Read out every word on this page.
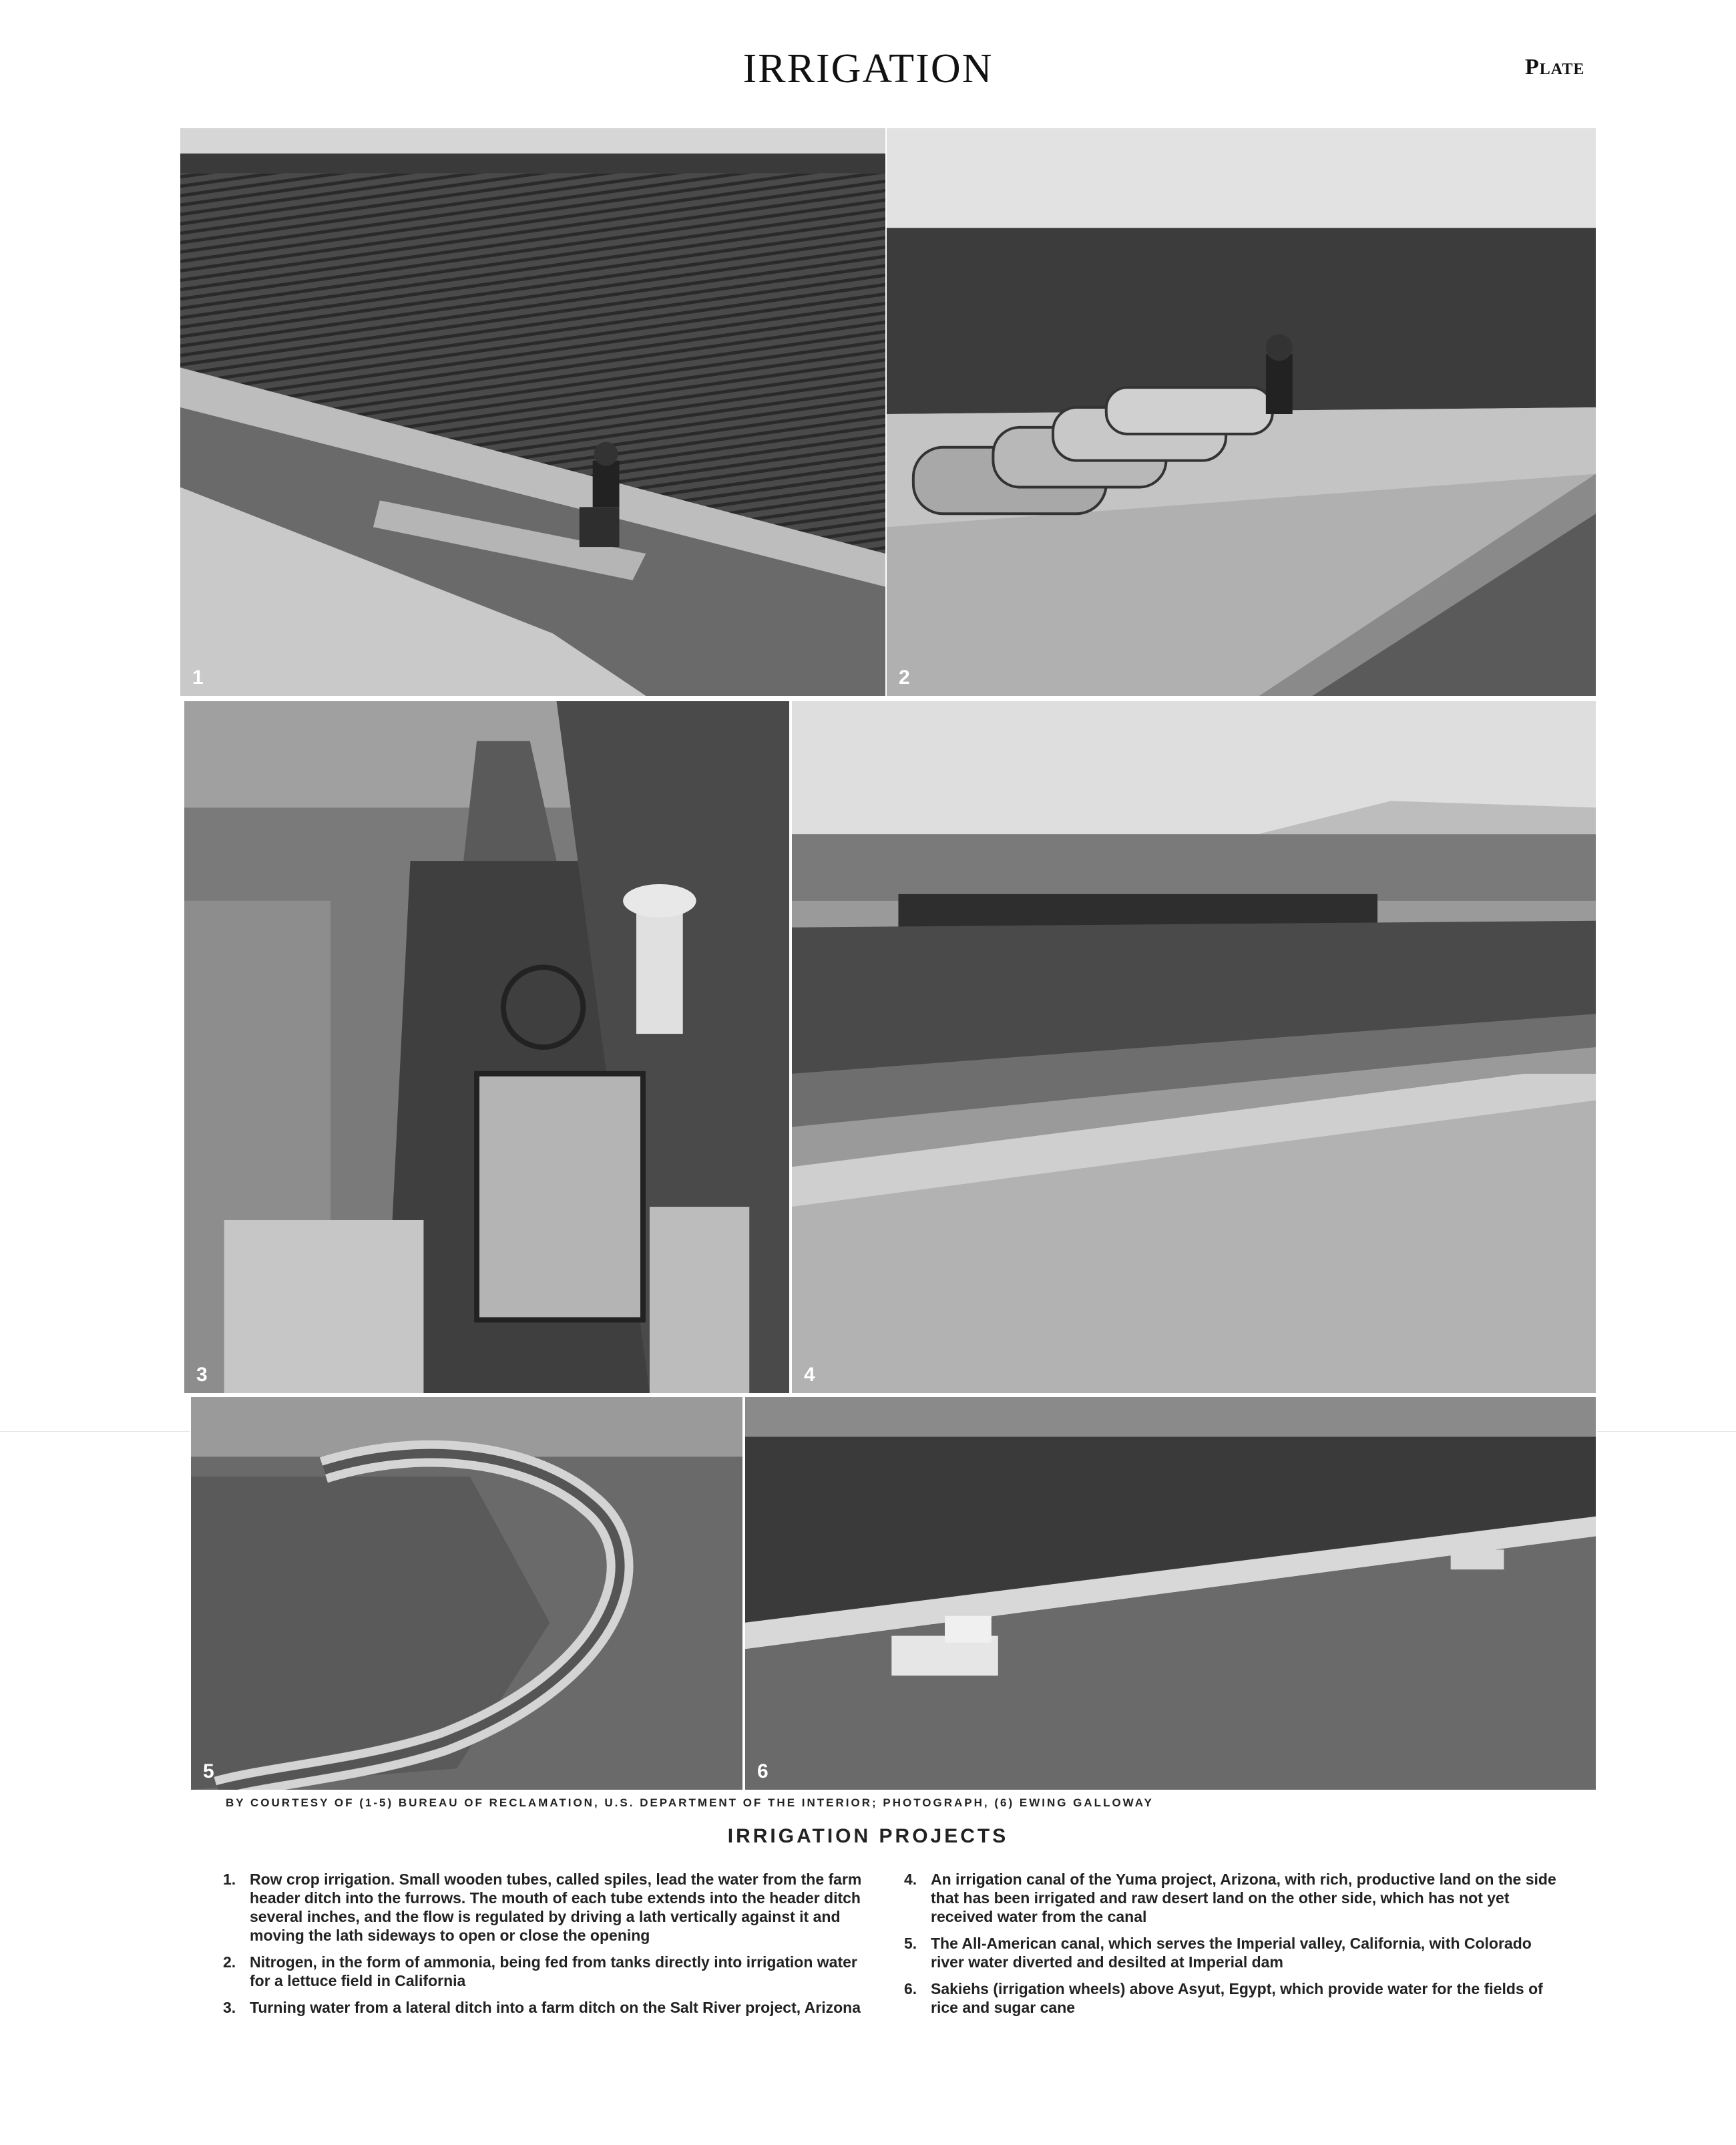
IRRIGATION	Plate
1	2
3	4
5	6
BY COURTESY OF (1-5) BUREAU OF RECLAMATION, U.S. DEPARTMENT OF THE INTERIOR; PHOTOGRAPH, (6) EWING GALLOWAY
IRRIGATION PROJECTS
1. Row crop irrigation. Small wooden tubes, called spiles, lead the water from the farm header ditch into the furrows. The mouth of each tube extends into the header ditch several inches, and the flow is regulated by driving a lath vertically against it and moving the lath sideways to open or close the opening
2. Nitrogen, in the form of ammonia, being fed from tanks directly into irrigation water for a lettuce field in California
3. Turning water from a lateral ditch into a farm ditch on the Salt River project, Arizona
4. An irrigation canal of the Yuma project, Arizona, with rich, productive land on the side that has been irrigated and raw desert land on the other side, which has not yet received water from the canal
5. The All-American canal, which serves the Imperial valley, California, with Colorado river water diverted and desilted at Imperial dam
6. Sakiehs (irrigation wheels) above Asyut, Egypt, which provide water for the fields of rice and sugar cane
